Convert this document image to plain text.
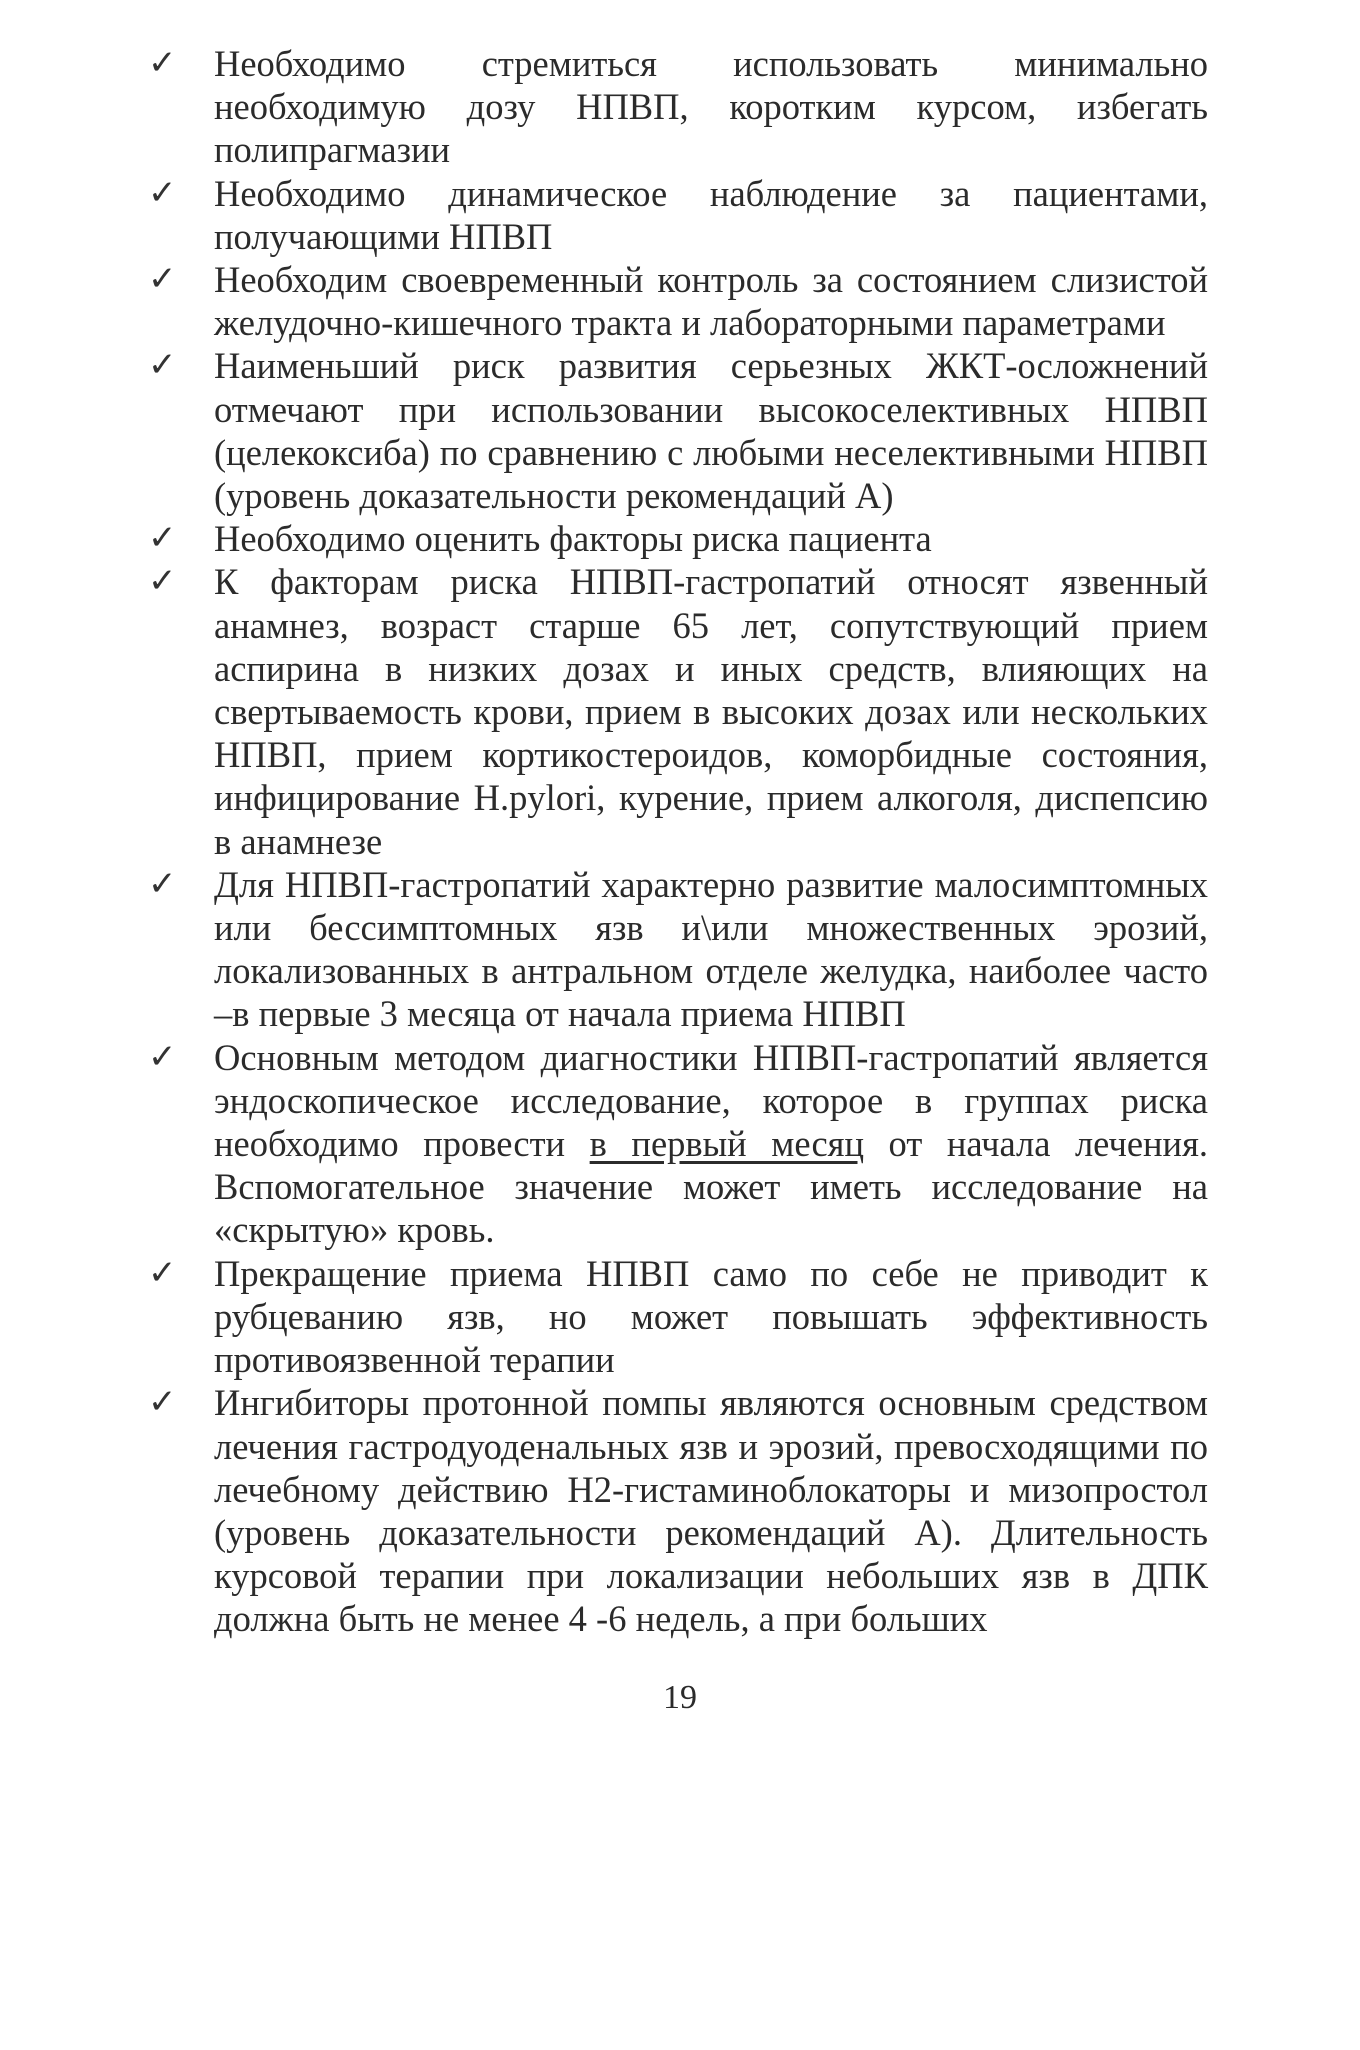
✓	Необходимо стремиться использовать минимально необходимую дозу НПВП, коротким курсом, избегать полипрагмазии
✓	Необходимо динамическое наблюдение за пациентами, получающими НПВП
✓	Необходим своевременный контроль за состоянием слизистой желудочно-кишечного тракта и лабораторными параметрами
✓	Наименьший риск развития серьезных ЖКТ-осложнений отмечают при использовании высокоселективных НПВП (целекоксиба) по сравнению с любыми неселективными НПВП (уровень доказательности рекомендаций А)
✓	Необходимо оценить факторы риска пациента
✓	К факторам риска НПВП-гастропатий относят язвенный анамнез, возраст старше 65 лет, сопутствующий прием аспирина в низких дозах и иных средств, влияющих на свертываемость крови, прием в высоких дозах или нескольких НПВП, прием кортикостероидов, коморбидные состояния, инфицирование H.pylori, курение, прием алкоголя, диспепсию в анамнезе
✓	Для НПВП-гастропатий характерно развитие малосимптомных или бессимптомных язв и\или множественных эрозий, локализованных в антральном отделе желудка, наиболее часто –в первые 3 месяца от начала приема НПВП
✓	Основным методом диагностики НПВП-гастропатий является эндоскопическое исследование, которое в группах риска необходимо провести в первый месяц от начала лечения. Вспомогательное значение может иметь исследование на «скрытую» кровь.
✓	Прекращение приема НПВП само по себе не приводит к рубцеванию язв, но может повышать эффективность противоязвенной терапии
✓	Ингибиторы протонной помпы являются основным средством лечения гастродуоденальных язв и эрозий, превосходящими по лечебному действию H2-гистаминоблокаторы и мизопростол (уровень доказательности рекомендаций А). Длительность курсовой терапии при локализации небольших язв в ДПК должна быть не менее 4 -6 недель, а при больших
19
